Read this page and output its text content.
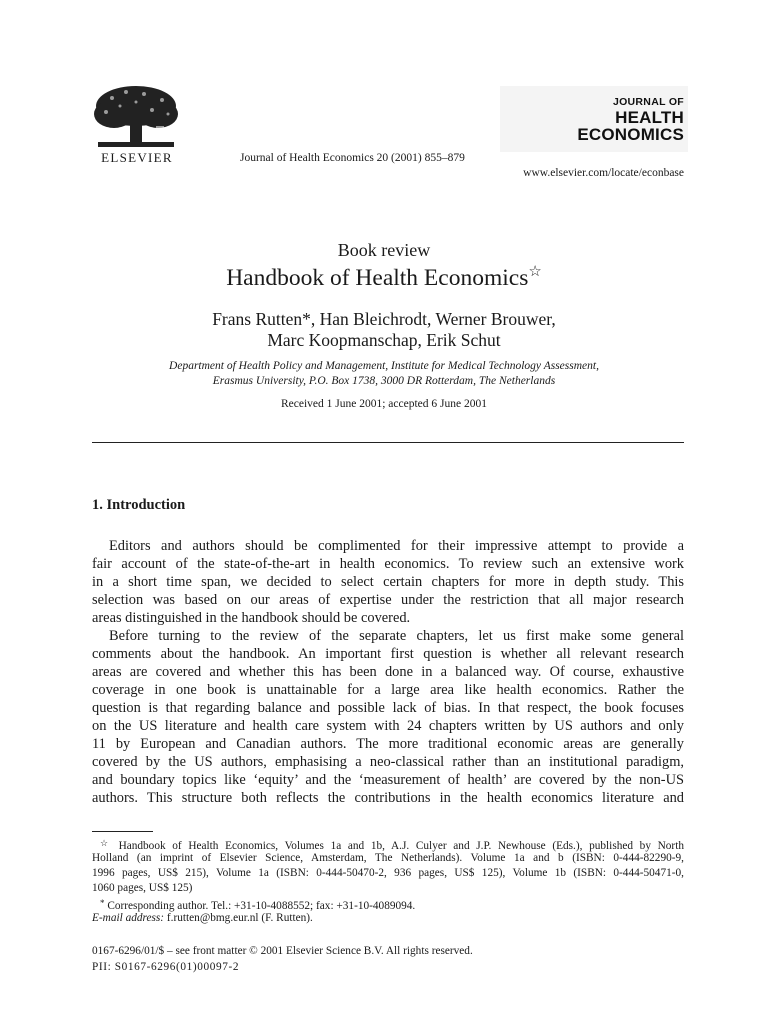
ELSEVIER	Journal of Health Economics 20 (2001) 855–879
JOURNAL OF
HEALTH
ECONOMICS
www.elsevier.com/locate/econbase
Book review
Handbook of Health Economics☆
Frans Rutten*, Han Bleichrodt, Werner Brouwer,
Marc Koopmanschap, Erik Schut
Department of Health Policy and Management, Institute for Medical Technology Assessment,
Erasmus University, P.O. Box 1738, 3000 DR Rotterdam, The Netherlands
Received 1 June 2001; accepted 6 June 2001
1. Introduction
Editors and authors should be complimented for their impressive attempt to provide a
fair account of the state-of-the-art in health economics. To review such an extensive work
in a short time span, we decided to select certain chapters for more in depth study. This
selection was based on our areas of expertise under the restriction that all major research
areas distinguished in the handbook should be covered.
Before turning to the review of the separate chapters, let us first make some general
comments about the handbook. An important first question is whether all relevant research
areas are covered and whether this has been done in a balanced way. Of course, exhaustive
coverage in one book is unattainable for a large area like health economics. Rather the
question is that regarding balance and possible lack of bias. In that respect, the book focuses
on the US literature and health care system with 24 chapters written by US authors and only
11 by European and Canadian authors. The more traditional economic areas are generally
covered by the US authors, emphasising a neo-classical rather than an institutional paradigm,
and boundary topics like ‘equity’ and the ‘measurement of health’ are covered by the non-US
authors. This structure both reflects the contributions in the health economics literature and
☆ Handbook of Health Economics, Volumes 1a and 1b, A.J. Culyer and J.P. Newhouse (Eds.), published by North
Holland (an imprint of Elsevier Science, Amsterdam, The Netherlands). Volume 1a and b (ISBN: 0-444-82290-9,
1996 pages, US$ 215), Volume 1a (ISBN: 0-444-50470-2, 936 pages, US$ 125), Volume 1b (ISBN: 0-444-50471-0,
1060 pages, US$ 125)
* Corresponding author. Tel.: +31-10-4088552; fax: +31-10-4089094.
E-mail address: f.rutten@bmg.eur.nl (F. Rutten).
0167-6296/01/$ – see front matter © 2001 Elsevier Science B.V. All rights reserved.
PII: S0167-6296(01)00097-2
